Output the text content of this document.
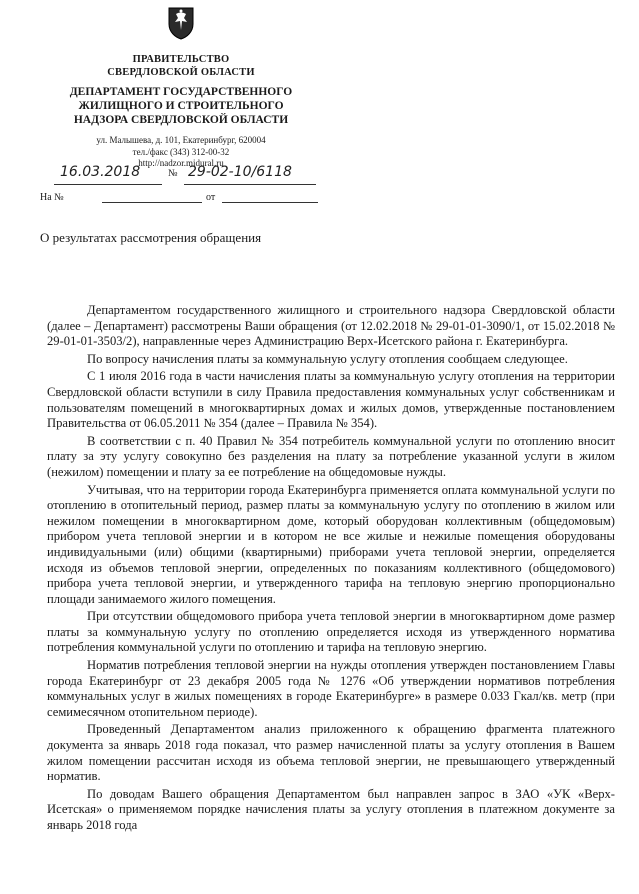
ПРАВИТЕЛЬСТВО
СВЕРДЛОВСКОЙ ОБЛАСТИ
ДЕПАРТАМЕНТ ГОСУДАРСТВЕННОГО
ЖИЛИЩНОГО И СТРОИТЕЛЬНОГО
НАДЗОРА СВЕРДЛОВСКОЙ ОБЛАСТИ
ул. Малышева, д. 101, Екатеринбург, 620004
тел./факс (343) 312-00-32
http://nadzor.midural.ru
16.03.2018	№ 29-02-10/6118
На №	от
О результатах рассмотрения обращения

Департаментом государственного жилищного и строительного надзора Свердловской области (далее – Департамент) рассмотрены Ваши обращения (от 12.02.2018 № 29-01-01-3090/1, от 15.02.2018 № 29-01-01-3503/2), направленные через Администрацию Верх-Исетского района г. Екатеринбурга.

По вопросу начисления платы за коммунальную услугу отопления сообщаем следующее.

С 1 июля 2016 года в части начисления платы за коммунальную услугу отопления на территории Свердловской области вступили в силу Правила предоставления коммунальных услуг собственникам и пользователям помещений в многоквартирных домах и жилых домов, утвержденные постановлением Правительства от 06.05.2011 № 354 (далее – Правила № 354).

В соответствии с п. 40 Правил № 354 потребитель коммунальной услуги по отоплению вносит плату за эту услугу совокупно без разделения на плату за потребление указанной услуги в жилом (нежилом) помещении и плату за ее потребление на общедомовые нужды.

Учитывая, что на территории города Екатеринбурга применяется оплата коммунальной услуги по отоплению в отопительный период, размер платы за коммунальную услугу по отоплению в жилом или нежилом помещении в многоквартирном доме, который оборудован коллективным (общедомовым) прибором учета тепловой энергии и в котором не все жилые и нежилые помещения оборудованы индивидуальными (или) общими (квартирными) приборами учета тепловой энергии, определяется исходя из объемов тепловой энергии, определенных по показаниям коллективного (общедомового) прибора учета тепловой энергии, и утвержденного тарифа на тепловую энергию пропорционально площади занимаемого жилого помещения.

При отсутствии общедомового прибора учета тепловой энергии в многоквартирном доме размер платы за коммунальную услугу по отоплению определяется исходя из утвержденного норматива потребления коммунальной услуги по отоплению и тарифа на тепловую энергию.

Норматив потребления тепловой энергии на нужды отопления утвержден постановлением Главы города Екатеринбург от 23 декабря 2005 года № 1276 «Об утверждении нормативов потребления коммунальных услуг в жилых помещениях в городе Екатеринбурге» в размере 0.033 Гкал/кв. метр (при семимесячном отопительном периоде).

Проведенный Департаментом анализ приложенного к обращению фрагмента платежного документа за январь 2018 года показал, что размер начисленной платы за услугу отопления в Вашем жилом помещении рассчитан исходя из объема тепловой энергии, не превышающего утвержденный норматив.

По доводам Вашего обращения Департаментом был направлен запрос в ЗАО «УК «Верх-Исетская» о применяемом порядке начисления платы за услугу отопления в платежном документе за январь 2018 года
